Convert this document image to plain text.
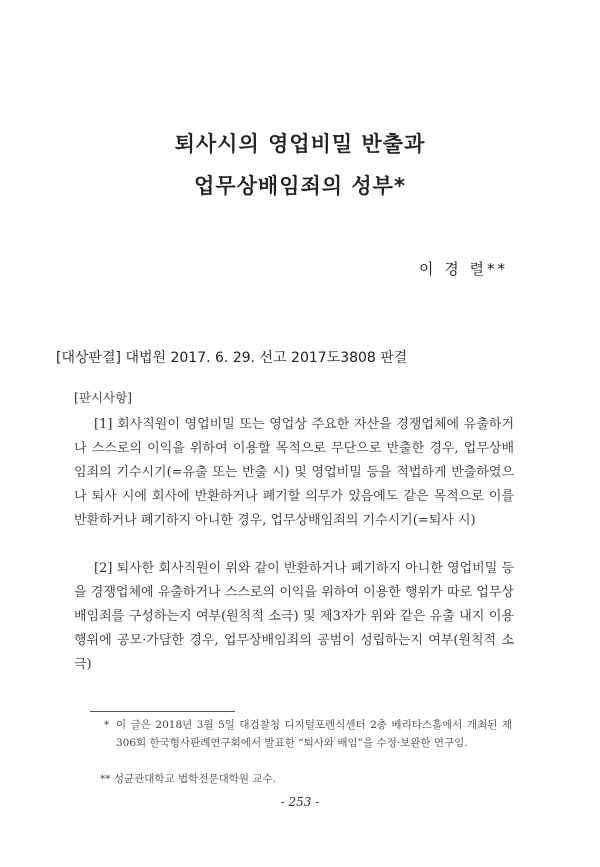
퇴사시의 영업비밀 반출과
업무상배임죄의 성부*
이 경 렬**
[대상판결] 대법원 2017. 6. 29. 선고 2017도3808 판결
[판시사항]
[1] 회사직원이 영업비밀 또는 영업상 주요한 자산을 경쟁업체에 유출하거나 스스로의 이익을 위하여 이용할 목적으로 무단으로 반출한 경우, 업무상배임죄의 기수시기(=유출 또는 반출 시) 및 영업비밀 등을 적법하게 반출하였으나 퇴사 시에 회사에 반환하거나 폐기할 의무가 있음에도 같은 목적으로 이를 반환하거나 폐기하지 아니한 경우, 업무상배임죄의 기수시기(=퇴사 시)
[2] 퇴사한 회사직원이 위와 같이 반환하거나 폐기하지 아니한 영업비밀 등을 경쟁업체에 유출하거나 스스로의 이익을 위하여 이용한 행위가 따로 업무상배임죄를 구성하는지 여부(원칙적 소극) 및 제3자가 위와 같은 유출 내지 이용행위에 공모·가담한 경우, 업무상배임죄의 공범이 성립하는지 여부(원칙적 소극)
* 이 글은 2018년 3월 5일 대검찰청 디지털포렌식센터 2층 베리타스홀에서 개최된 제306회 한국형사판례연구회에서 발표한 “퇴사와 배임”을 수정·보완한 연구임.
** 성균관대학교 법학전문대학원 교수.
- 253 -
